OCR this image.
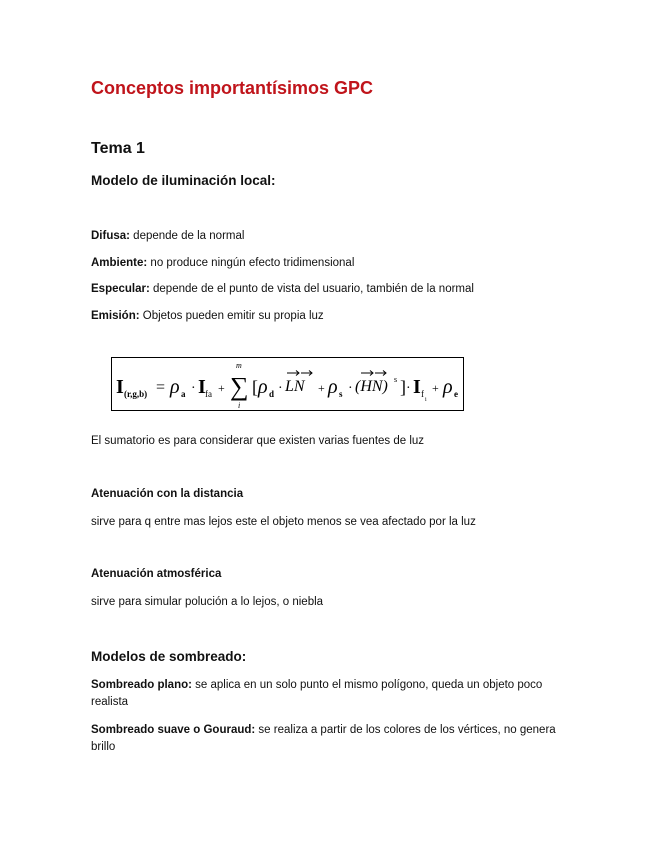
Conceptos importantísimos GPC
Tema 1
Modelo de iluminación local:
Difusa: depende de la normal
Ambiente: no produce ningún efecto tridimensional
Especular: depende de el punto de vista del usuario, también de la normal
Emisión: Objetos pueden emitir su propia luz
I (r,g,b) = ρ a · I fa +
m
∑
i
[ ρ d · LN + ρ s · (HN) s ] · I f
i
+ ρ e
El sumatorio es para considerar que existen varias fuentes de luz
Atenuación con la distancia
sirve para q entre mas lejos este el objeto menos se vea afectado por la luz
Atenuación atmosférica
sirve para simular polución a lo lejos, o niebla
Modelos de sombreado:
Sombreado plano: se aplica en un solo punto el mismo polígono, queda un objeto poco realista
Sombreado suave o Gouraud: se realiza a partir de los colores de los vértices, no genera brillo
